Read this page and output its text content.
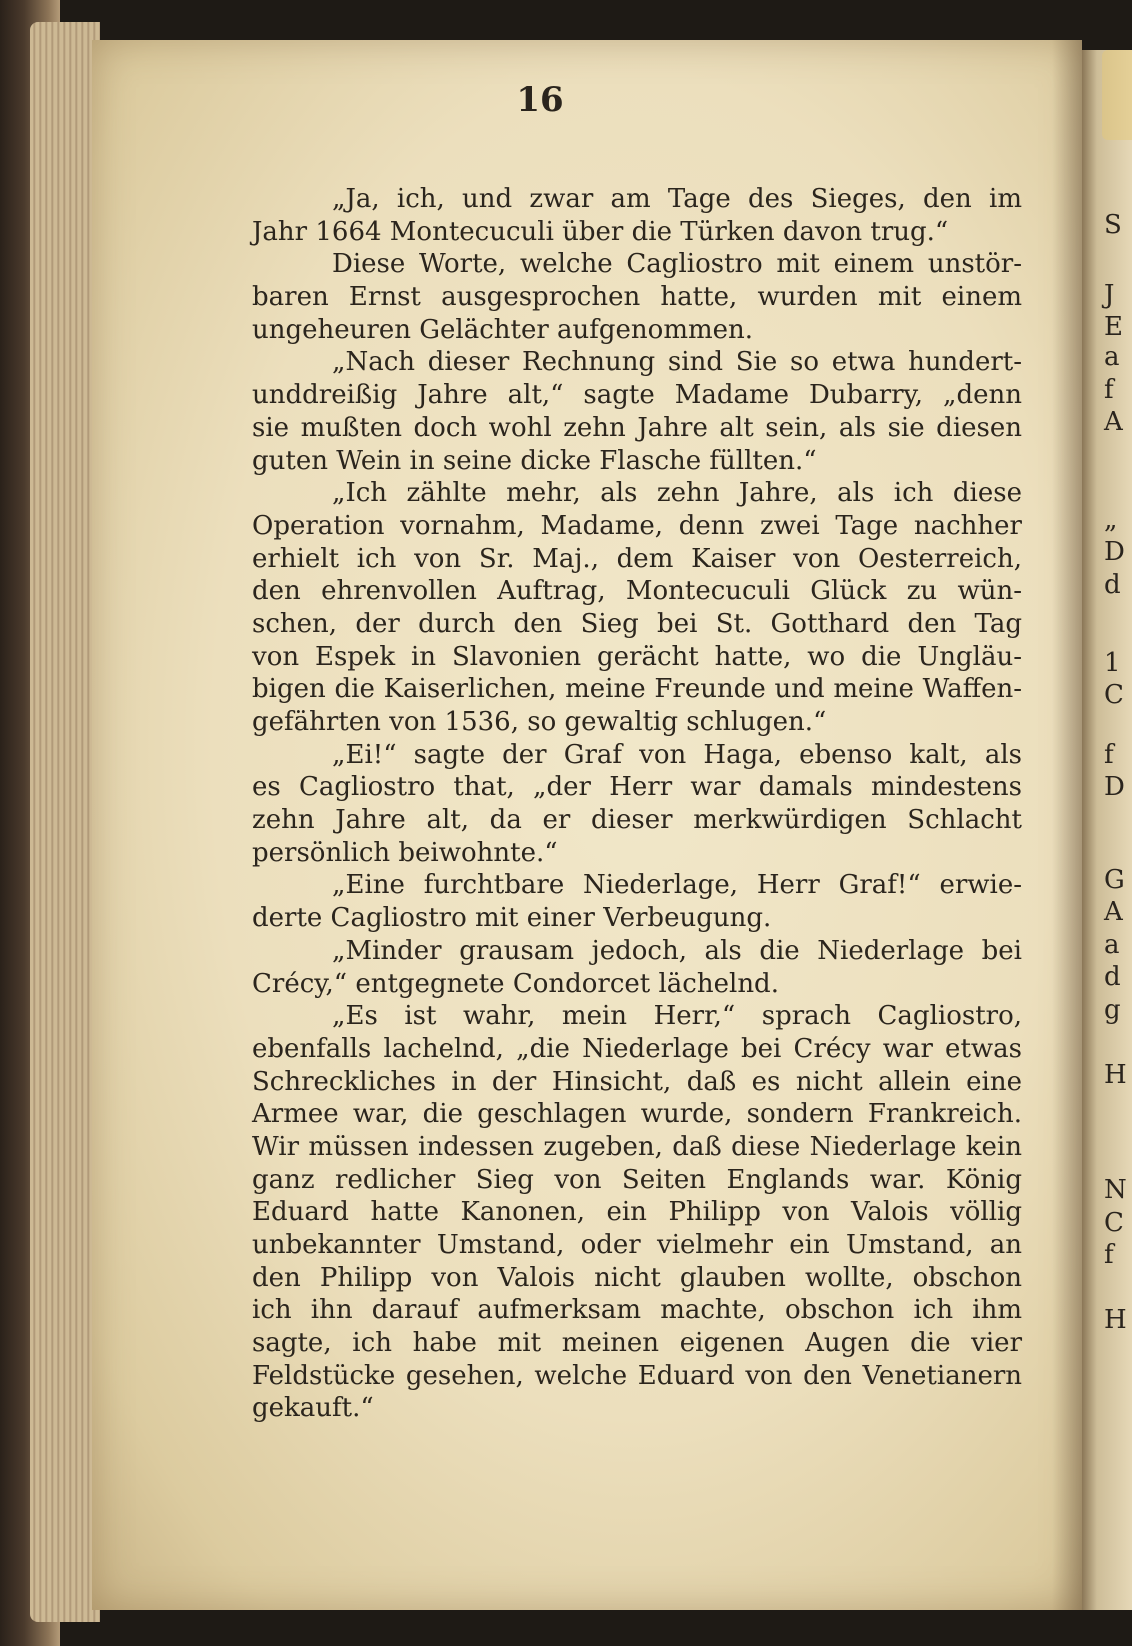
S
J
E
a
f
A
„
D
d
1
C
f
D
G
A
a
d
g
H
N
C
f
H
16
„Ja, ich, und zwar am Tage des Sieges, den im
Jahr 1664 Montecuculi über die Türken davon trug.“
Diese Worte, welche Cagliostro mit einem unstör-
baren Ernst ausgesprochen hatte, wurden mit einem
ungeheuren Gelächter aufgenommen.
„Nach dieser Rechnung sind Sie so etwa hundert-
unddreißig Jahre alt,“ sagte Madame Dubarry, „denn
sie mußten doch wohl zehn Jahre alt sein, als sie diesen
guten Wein in seine dicke Flasche füllten.“
„Ich zählte mehr, als zehn Jahre, als ich diese
Operation vornahm, Madame, denn zwei Tage nachher
erhielt ich von Sr. Maj., dem Kaiser von Oesterreich,
den ehrenvollen Auftrag, Montecuculi Glück zu wün-
schen, der durch den Sieg bei St. Gotthard den Tag
von Espek in Slavonien gerächt hatte, wo die Ungläu-
bigen die Kaiserlichen, meine Freunde und meine Waffen-
gefährten von 1536, so gewaltig schlugen.“
„Ei!“ sagte der Graf von Haga, ebenso kalt, als
es Cagliostro that, „der Herr war damals mindestens
zehn Jahre alt, da er dieser merkwürdigen Schlacht
persönlich beiwohnte.“
„Eine furchtbare Niederlage, Herr Graf!“ erwie-
derte Cagliostro mit einer Verbeugung.
„Minder grausam jedoch, als die Niederlage bei
Crécy,“ entgegnete Condorcet lächelnd.
„Es ist wahr, mein Herr,“ sprach Cagliostro,
ebenfalls lachelnd, „die Niederlage bei Crécy war etwas
Schreckliches in der Hinsicht, daß es nicht allein eine
Armee war, die geschlagen wurde, sondern Frankreich.
Wir müssen indessen zugeben, daß diese Niederlage kein
ganz redlicher Sieg von Seiten Englands war. König
Eduard hatte Kanonen, ein Philipp von Valois völlig
unbekannter Umstand, oder vielmehr ein Umstand, an
den Philipp von Valois nicht glauben wollte, obschon
ich ihn darauf aufmerksam machte, obschon ich ihm
sagte, ich habe mit meinen eigenen Augen die vier
Feldstücke gesehen, welche Eduard von den Venetianern
gekauft.“
